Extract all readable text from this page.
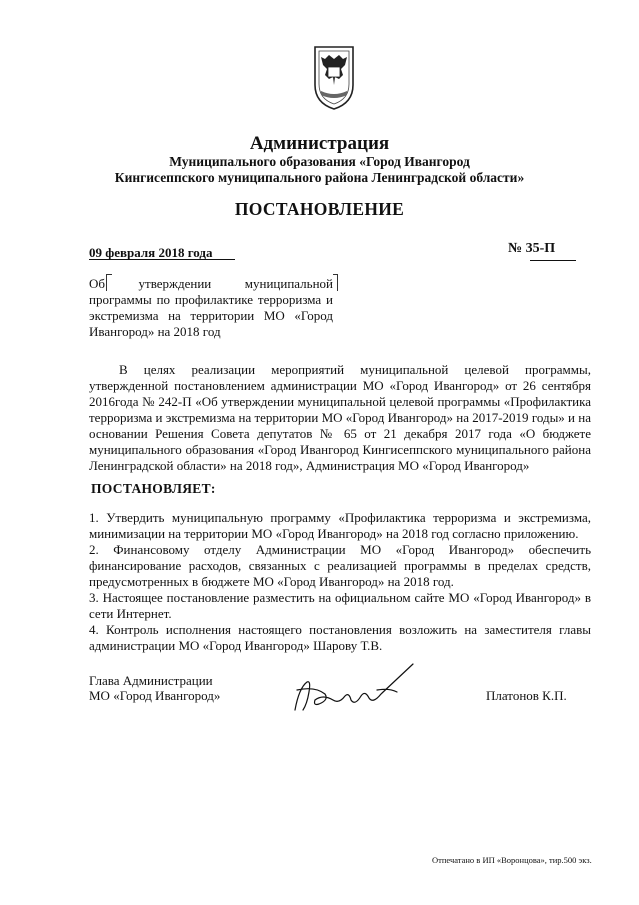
Администрация
Муниципального образования «Город Ивангород
Кингисеппского муниципального района Ленинградской области»
ПОСТАНОВЛЕНИЕ
09 февраля 2018 года	№ 35-П
Об утверждении муниципальной
программы по профилактике терроризма и
экстремизма на территории МО «Город
Ивангород» на 2018 год

В целях реализации мероприятий муниципальной целевой программы, утвержденной постановлением администрации МО «Город Ивангород» от 26 сентября 2016года № 242-П «Об утверждении муниципальной целевой программы «Профилактика терроризма и экстремизма на территории МО «Город Ивангород» на 2017-2019 годы» и на основании Решения Совета депутатов № 65 от 21 декабря 2017 года «О бюджете муниципального образования «Город Ивангород Кингисеппского муниципального района Ленинградской области» на 2018 год», Администрация МО «Город Ивангород»

ПОСТАНОВЛЯЕТ:

1. Утвердить муниципальную программу «Профилактика терроризма и экстремизма, минимизации на территории МО «Город Ивангород» на 2018 год согласно приложению.

2. Финансовому отделу Администрации МО «Город Ивангород» обеспечить финансирование расходов, связанных с реализацией программы в пределах средств, предусмотренных в бюджете МО «Город Ивангород» на 2018 год.

3. Настоящее постановление разместить на официальном сайте МО «Город Ивангород» в сети Интернет.

4. Контроль исполнения настоящего постановления возложить на заместителя главы администрации МО «Город Ивангород» Шарову Т.В.

Глава Администрации
МО «Город Ивангород»	Платонов К.П.
Отпечатано в ИП «Воронцова», тир.500 экз.
